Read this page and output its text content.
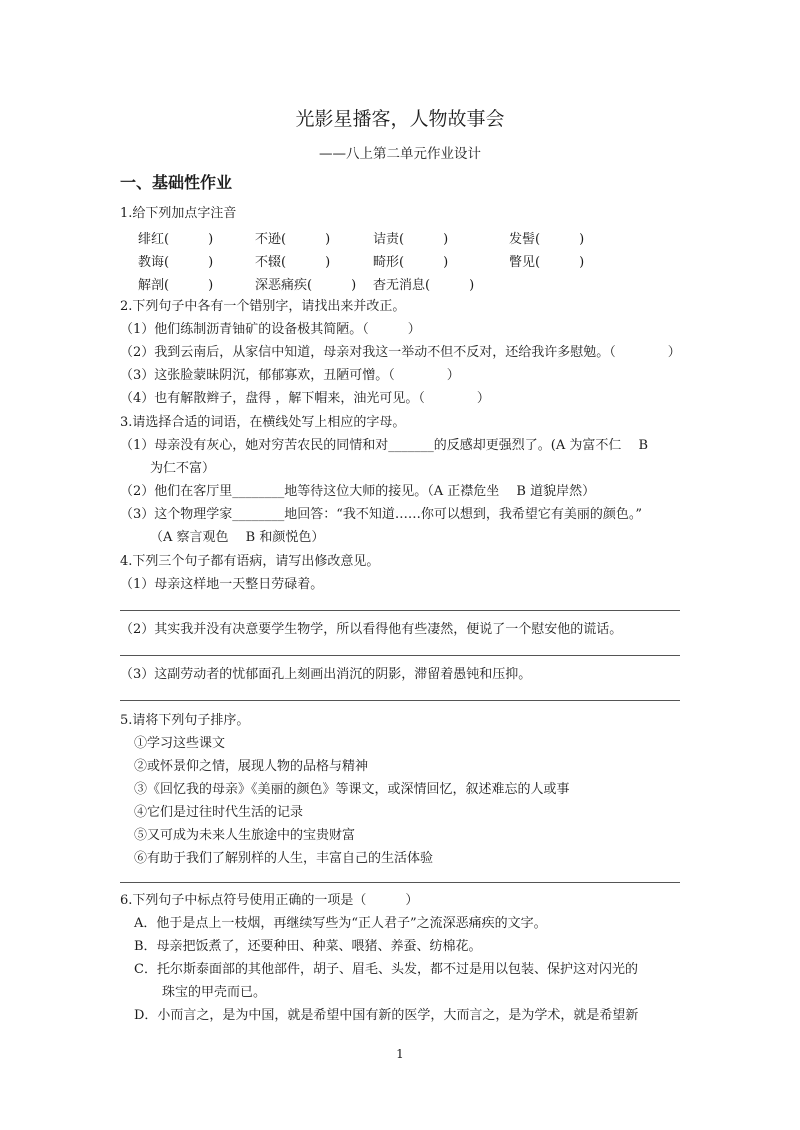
光影星播客，人物故事会
——八上第二单元作业设计
一、基础性作业
1.给下列加点字注音
绯红(　　　)	不逊(　　　)	诘责(　　　)	发髻(　　　)
教诲(　　　)	不辍(　　　)	畸形(　　　)	瞥见(　　　)
解剖(　　　)	深恶痛疾(　　　) 杳无消息(　　　)
2.下列句子中各有一个错别字，请找出来并改正。
（1）他们练制沥青铀矿的设备极其简陋。（　　　）
（2）我到云南后，从家信中知道，母亲对我这一举动不但不反对，还给我许多慰勉。（　　　　）
（3）这张脸蒙昧阴沉，郁郁寡欢，丑陋可憎。（　　　　）
（4）也有解散辫子，盘得 ，解下帽来，油光可见。（　　　　）
3.请选择合适的词语，在横线处写上相应的字母。
（1）母亲没有灰心，她对穷苦农民的同情和对_______的反感却更强烈了。(A 为富不仁　 B
为仁不富）
（2）他们在客厅里________地等待这位大师的接见。（A 正襟危坐　 B 道貌岸然）
（3）这个物理学家________地回答：“我不知道……你可以想到，我希望它有美丽的颜色。”
（A 察言观色　 B 和颜悦色）
4.下列三个句子都有语病，请写出修改意见。
（1）母亲这样地一天整日劳碌着。
（2）其实我并没有决意要学生物学，所以看得他有些凄然，便说了一个慰安他的谎话。
（3）这副劳动者的忧郁面孔上刻画出消沉的阴影，滞留着愚钝和压抑。
5.请将下列句子排序。
①学习这些课文
②或怀景仰之情，展现人物的品格与精神
③《回忆我的母亲》《美丽的颜色》等课文，或深情回忆，叙述难忘的人或事
④它们是过往时代生活的记录
⑤又可成为未来人生旅途中的宝贵财富
⑥有助于我们了解别样的人生，丰富自己的生活体验
6.下列句子中标点符号使用正确的一项是（　　　）
A．他于是点上一枝烟，再继续写些为“正人君子”之流深恶痛疾的文字。
B．母亲把饭煮了，还要种田、种菜、喂猪、养蚕、纺棉花。
C．托尔斯泰面部的其他部件，胡子、眉毛、头发，都不过是用以包装、保护这对闪光的
珠宝的甲壳而已。
D．小而言之，是为中国，就是希望中国有新的医学，大而言之，是为学术，就是希望新
1
